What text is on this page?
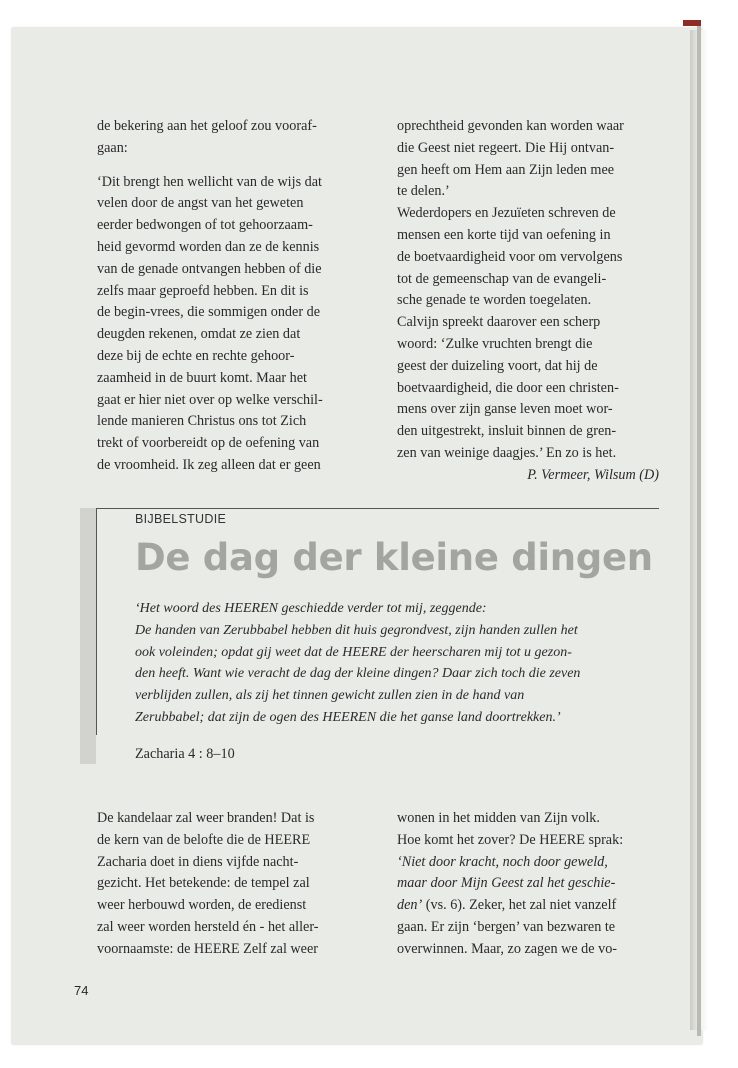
de bekering aan het geloof zou vooraf-

gaan:

‘Dit brengt hen wellicht van de wijs dat

velen door de angst van het geweten

eerder bedwongen of tot gehoorzaam-

heid gevormd worden dan ze de kennis

van de genade ontvangen hebben of die

zelfs maar geproefd hebben. En dit is

de begin-vrees, die sommigen onder de

deugden rekenen, omdat ze zien dat

deze bij de echte en rechte gehoor-

zaamheid in de buurt komt. Maar het

gaat er hier niet over op welke verschil-

lende manieren Christus ons tot Zich

trekt of voorbereidt op de oefening van

de vroomheid. Ik zeg alleen dat er geen

oprechtheid gevonden kan worden waar

die Geest niet regeert. Die Hij ontvan-

gen heeft om Hem aan Zijn leden mee

te delen.’

Wederdopers en Jezuïeten schreven de

mensen een korte tijd van oefening in

de boetvaardigheid voor om vervolgens

tot de gemeenschap van de evangeli-

sche genade te worden toegelaten.

Calvijn spreekt daarover een scherp

woord: ‘Zulke vruchten brengt die

geest der duizeling voort, dat hij de

boetvaardigheid, die door een christen-

mens over zijn ganse leven moet wor-

den uitgestrekt, insluit binnen de gren-

zen van weinige daagjes.’ En zo is het.

P. Vermeer, Wilsum (D)

BIJBELSTUDIE
De dag der kleine dingen

‘Het woord des HEEREN geschiedde verder tot mij, zeggende:

De handen van Zerubbabel hebben dit huis gegrondvest, zijn handen zullen het

ook voleinden; opdat gij weet dat de HEERE der heerscharen mij tot u gezon-

den heeft. Want wie veracht de dag der kleine dingen? Daar zich toch die zeven

verblijden zullen, als zij het tinnen gewicht zullen zien in de hand van

Zerubbabel; dat zijn de ogen des HEEREN die het ganse land doortrekken.’

Zacharia 4 : 8–10

De kandelaar zal weer branden! Dat is

de kern van de belofte die de HEERE

Zacharia doet in diens vijfde nacht-

gezicht. Het betekende: de tempel zal

weer herbouwd worden, de eredienst

zal weer worden hersteld én - het aller-

voornaamste: de HEERE Zelf zal weer

wonen in het midden van Zijn volk.

Hoe komt het zover? De HEERE sprak:

‘Niet door kracht, noch door geweld,

maar door Mijn Geest zal het geschie-

den’ (vs. 6). Zeker, het zal niet vanzelf

gaan. Er zijn ‘bergen’ van bezwaren te

overwinnen. Maar, zo zagen we de vo-

74
